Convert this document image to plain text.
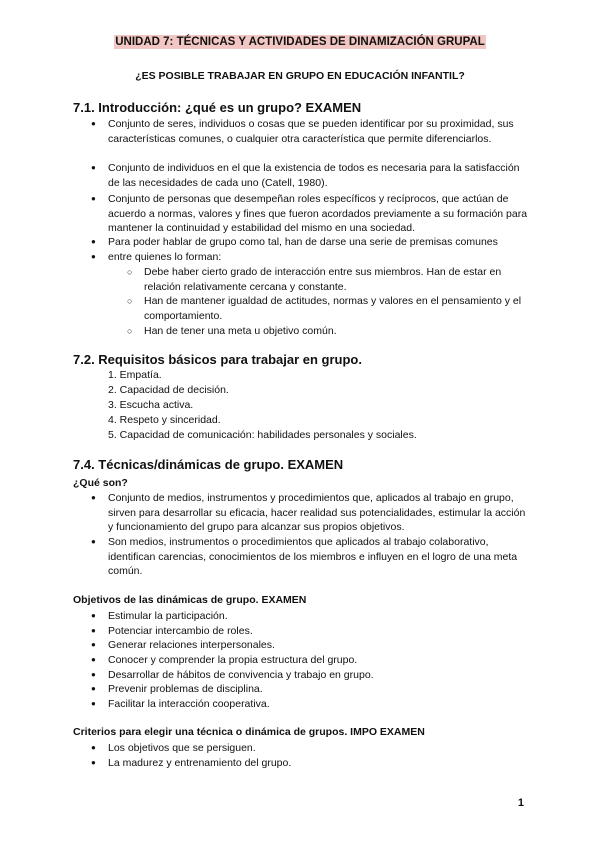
UNIDAD 7: TÉCNICAS Y ACTIVIDADES DE DINAMIZACIÓN GRUPAL
¿ES POSIBLE TRABAJAR EN GRUPO EN EDUCACIÓN INFANTIL?
7.1. Introducción: ¿qué es un grupo? EXAMEN
● Conjunto de seres, individuos o cosas que se pueden identificar por su proximidad, sus características comunes, o cualquier otra característica que permite diferenciarlos.
● Conjunto de individuos en el que la existencia de todos es necesaria para la satisfacción de las necesidades de cada uno (Catell, 1980).
● Conjunto de personas que desempeñan roles específicos y recíprocos, que actúan de acuerdo a normas, valores y fines que fueron acordados previamente a su formación para mantener la continuidad y estabilidad del mismo en una sociedad.
● Para poder hablar de grupo como tal, han de darse una serie de premisas comunes
● entre quienes lo forman:
○ Debe haber cierto grado de interacción entre sus miembros. Han de estar en relación relativamente cercana y constante.
○ Han de mantener igualdad de actitudes, normas y valores en el pensamiento y el comportamiento.
○ Han de tener una meta u objetivo común.
7.2. Requisitos básicos para trabajar en grupo.
1. Empatía.
2. Capacidad de decisión.
3. Escucha activa.
4. Respeto y sinceridad.
5. Capacidad de comunicación: habilidades personales y sociales.
7.4. Técnicas/dinámicas de grupo. EXAMEN
¿Qué son?
● Conjunto de medios, instrumentos y procedimientos que, aplicados al trabajo en grupo, sirven para desarrollar su eficacia, hacer realidad sus potencialidades, estimular la acción y funcionamiento del grupo para alcanzar sus propios objetivos.
● Son medios, instrumentos o procedimientos que aplicados al trabajo colaborativo, identifican carencias, conocimientos de los miembros e influyen en el logro de una meta común.
Objetivos de las dinámicas de grupo. EXAMEN
● Estimular la participación.
● Potenciar intercambio de roles.
● Generar relaciones interpersonales.
● Conocer y comprender la propia estructura del grupo.
● Desarrollar de hábitos de convivencia y trabajo en grupo.
● Prevenir problemas de disciplina.
● Facilitar la interacción cooperativa.
Criterios para elegir una técnica o dinámica de grupos. IMPO EXAMEN
● Los objetivos que se persiguen.
● La madurez y entrenamiento del grupo.
1
